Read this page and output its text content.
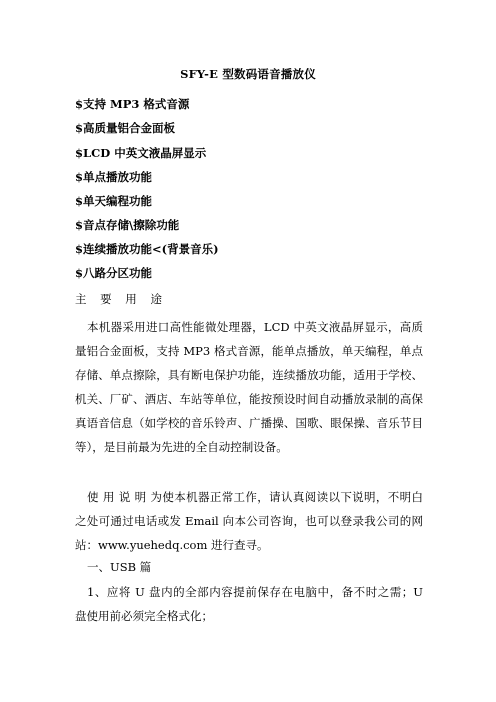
SFY-E 型数码语音播放仪
$支持 MP3 格式音源
$高质量铝合金面板
$LCD 中英文液晶屏显示
$单点播放功能
$单天编程功能
$音点存储\擦除功能
$连续播放功能<(背景音乐)
$八路分区功能
主 要 用 途
本机器采用进口高性能微处理器，LCD 中英文液晶屏显示，高质量铝合金面板，支持 MP3 格式音源，能单点播放，单天编程，单点存储、单点擦除，具有断电保护功能，连续播放功能，适用于学校、机关、厂矿、酒店、车站等单位，能按预设时间自动播放录制的高保真语音信息（如学校的音乐铃声、广播操、国歌、眼保操、音乐节目等），是目前最为先进的全自动控制设备。
使 用 说 明 为使本机器正常工作，请认真阅读以下说明，不明白之处可通过电话或发 Email 向本公司咨询，也可以登录我公司的网站：www.yuehedq.com 进行查寻。
一、USB 篇
1、应将 U 盘内的全部内容提前保存在电脑中，备不时之需；U 盘使用前必须完全格式化；
